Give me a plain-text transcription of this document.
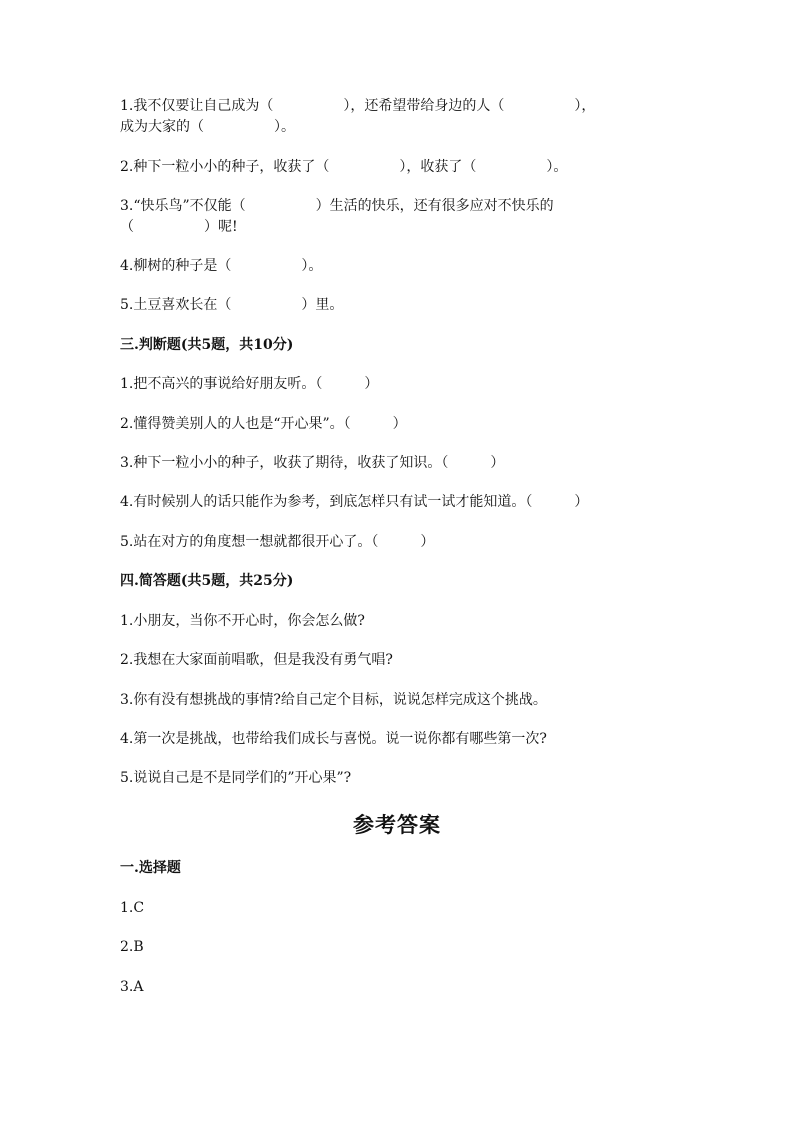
1.我不仅要让自己成为（　　　　　），还希望带给身边的人（　　　　　），

成为大家的（　　　　　）。

2.种下一粒小小的种子，收获了（　　　　　），收获了（　　　　　）。

3.“快乐鸟”不仅能（　　　　　）生活的快乐，还有很多应对不快乐的

（　　　　　）呢!

4.柳树的种子是（　　　　　）。

5.土豆喜欢长在（　　　　　）里。

三.判断题(共5题，共10分)

1.把不高兴的事说给好朋友听。（　　　）

2.懂得赞美别人的人也是“开心果”。（　　　）

3.种下一粒小小的种子，收获了期待，收获了知识。（　　　）

4.有时候别人的话只能作为参考，到底怎样只有试一试才能知道。（　　　）

5.站在对方的角度想一想就都很开心了。（　　　）

四.简答题(共5题，共25分)

1.小朋友，当你不开心时，你会怎么做?

2.我想在大家面前唱歌，但是我没有勇气唱?

3.你有没有想挑战的事情?给自己定个目标，说说怎样完成这个挑战。

4.第一次是挑战，也带给我们成长与喜悦。说一说你都有哪些第一次?

5.说说自己是不是同学们的”开心果”?

参考答案

一.选择题

1.C

2.B

3.A
